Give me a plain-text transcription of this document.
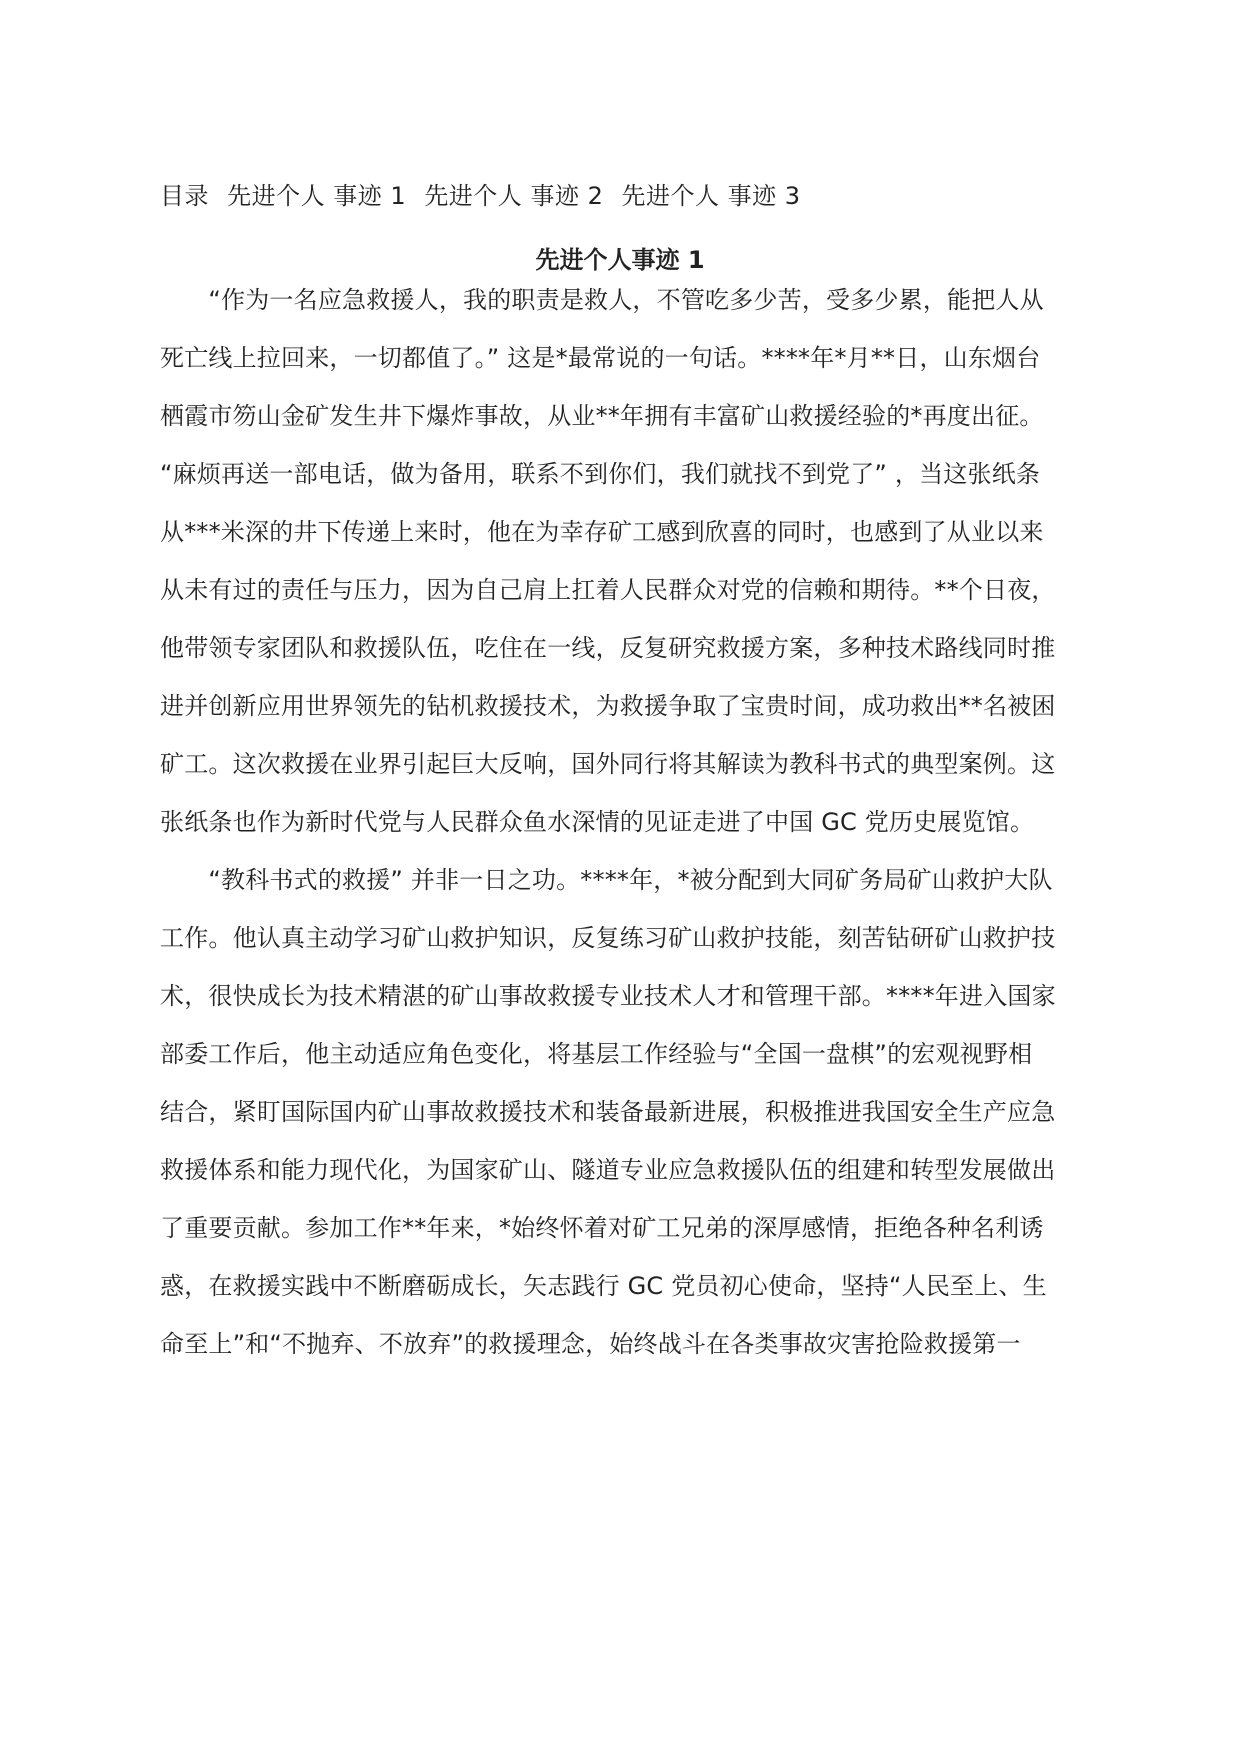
目录 先进个人 事迹 1 先进个人 事迹 2 先进个人 事迹 3
先进个人事迹 1
　　“作为一名应急救援人，我的职责是救人，不管吃多少苦，受多少累，能把人从
死亡线上拉回来，一切都值了。” 这是*最常说的一句话。****年*月**日，山东烟台
栖霞市笏山金矿发生井下爆炸事故，从业**年拥有丰富矿山救援经验的*再度出征。
“麻烦再送一部电话，做为备用，联系不到你们，我们就找不到党了” ，当这张纸条
从***米深的井下传递上来时，他在为幸存矿工感到欣喜的同时，也感到了从业以来
从未有过的责任与压力，因为自己肩上扛着人民群众对党的信赖和期待。**个日夜，
他带领专家团队和救援队伍，吃住在一线，反复研究救援方案，多种技术路线同时推
进并创新应用世界领先的钻机救援技术，为救援争取了宝贵时间，成功救出**名被困
矿工。这次救援在业界引起巨大反响，国外同行将其解读为教科书式的典型案例。这
张纸条也作为新时代党与人民群众鱼水深情的见证走进了中国 GC 党历史展览馆。
　　“教科书式的救援” 并非一日之功。****年，*被分配到大同矿务局矿山救护大队
工作。他认真主动学习矿山救护知识，反复练习矿山救护技能，刻苦钻研矿山救护技
术，很快成长为技术精湛的矿山事故救援专业技术人才和管理干部。****年进入国家
部委工作后，他主动适应角色变化，将基层工作经验与“全国一盘棋”的宏观视野相
结合，紧盯国际国内矿山事故救援技术和装备最新进展，积极推进我国安全生产应急
救援体系和能力现代化，为国家矿山、隧道专业应急救援队伍的组建和转型发展做出
了重要贡献。参加工作**年来，*始终怀着对矿工兄弟的深厚感情，拒绝各种名利诱
惑，在救援实践中不断磨砺成长，矢志践行 GC 党员初心使命，坚持“人民至上、生
命至上”和“不抛弃、不放弃”的救援理念，始终战斗在各类事故灾害抢险救援第一
